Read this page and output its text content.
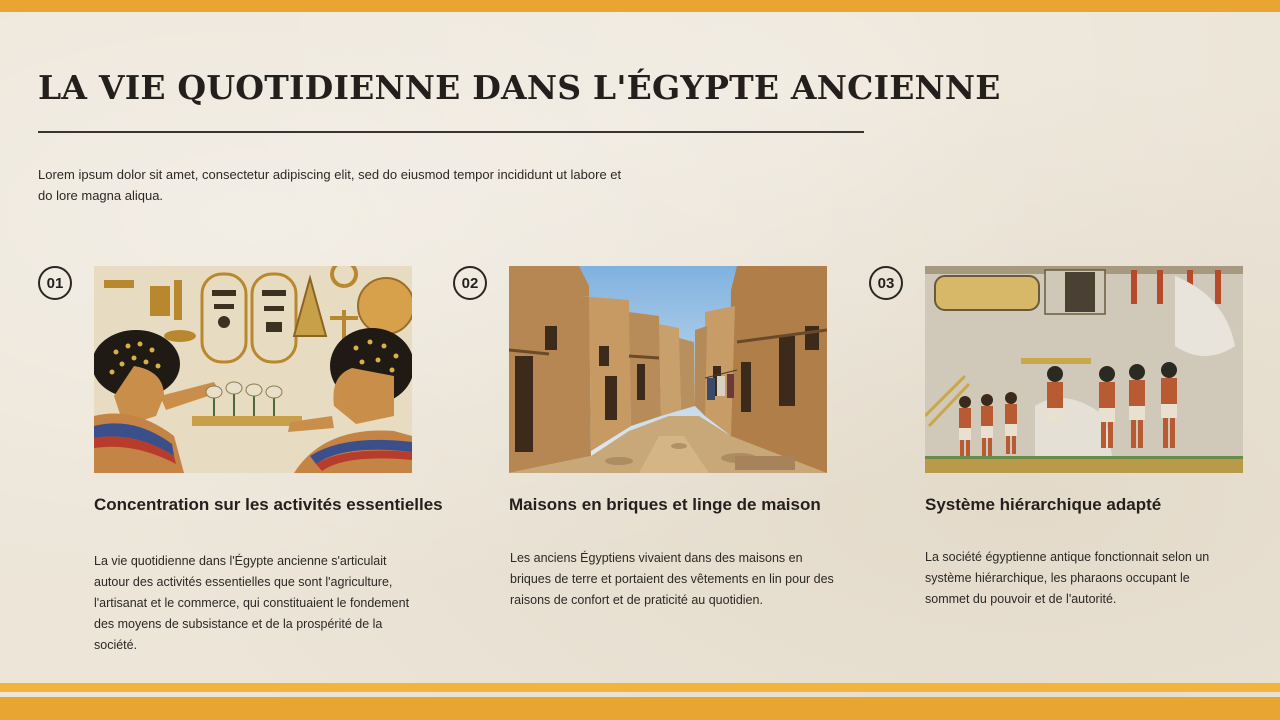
LA VIE QUOTIDIENNE DANS L'ÉGYPTE ANCIENNE

Lorem ipsum dolor sit amet, consectetur adipiscing elit, sed do eiusmod tempor incididunt ut labore et do lore magna aliqua.

01
Concentration sur les activités essentielles

La vie quotidienne dans l'Égypte ancienne s'articulait autour des activités essentielles que sont l'agriculture, l'artisanat et le commerce, qui constituaient le fondement des moyens de subsistance et de la prospérité de la société.

02
Maisons en briques et linge de maison

Les anciens Égyptiens vivaient dans des maisons en briques de terre et portaient des vêtements en lin pour des raisons de confort et de praticité au quotidien.

03
Système hiérarchique adapté

La société égyptienne antique fonctionnait selon un système hiérarchique, les pharaons occupant le sommet du pouvoir et de l'autorité.
